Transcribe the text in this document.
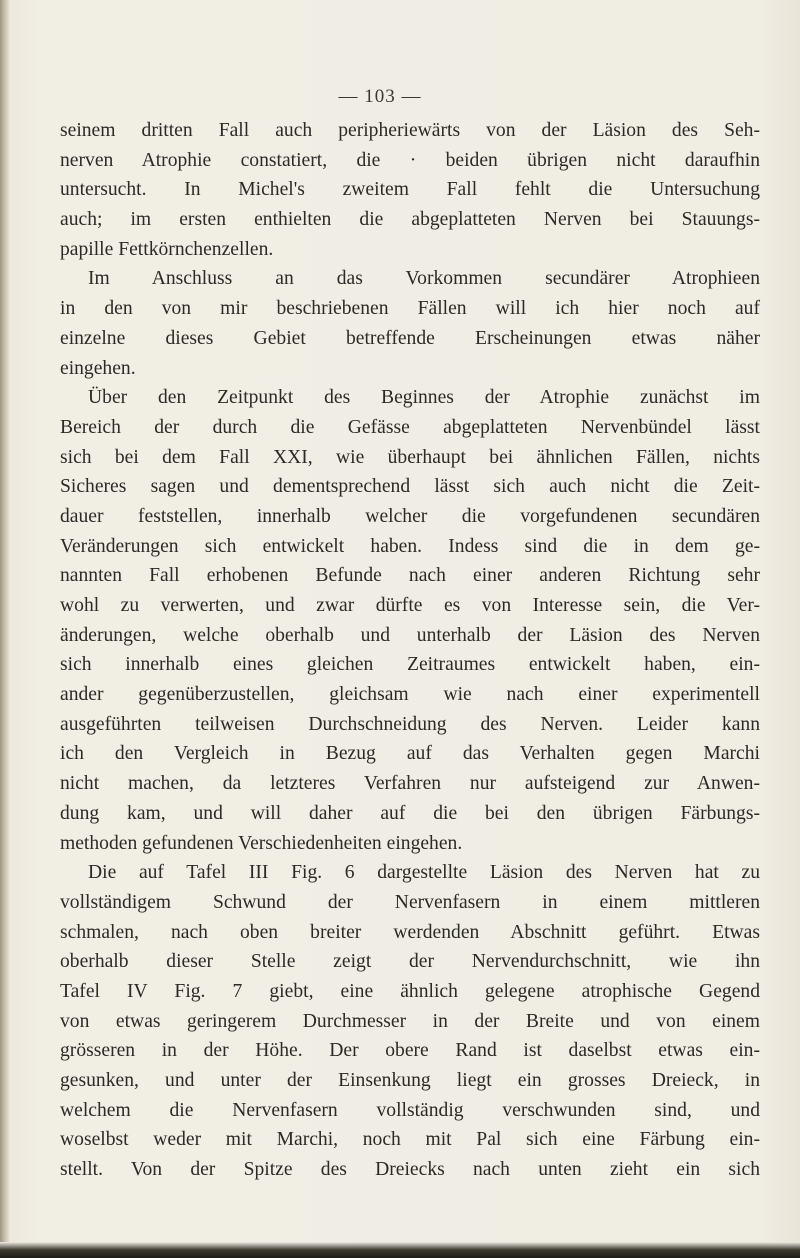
— 103 —
seinem dritten Fall auch peripheriewärts von der Läsion des Seh-
nerven Atrophie constatiert, die · beiden übrigen nicht daraufhin
untersucht. In Michel's zweitem Fall fehlt die Untersuchung
auch; im ersten enthielten die abgeplatteten Nerven bei Stauungs-
papille Fettkörnchenzellen.
Im Anschluss an das Vorkommen secundärer Atrophieen
in den von mir beschriebenen Fällen will ich hier noch auf
einzelne dieses Gebiet betreffende Erscheinungen etwas näher
eingehen.
Über den Zeitpunkt des Beginnes der Atrophie zunächst im
Bereich der durch die Gefässe abgeplatteten Nervenbündel lässt
sich bei dem Fall XXI, wie überhaupt bei ähnlichen Fällen, nichts
Sicheres sagen und dementsprechend lässt sich auch nicht die Zeit-
dauer feststellen, innerhalb welcher die vorgefundenen secundären
Veränderungen sich entwickelt haben. Indess sind die in dem ge-
nannten Fall erhobenen Befunde nach einer anderen Richtung sehr
wohl zu verwerten, und zwar dürfte es von Interesse sein, die Ver-
änderungen, welche oberhalb und unterhalb der Läsion des Nerven
sich innerhalb eines gleichen Zeitraumes entwickelt haben, ein-
ander gegenüberzustellen, gleichsam wie nach einer experimentell
ausgeführten teilweisen Durchschneidung des Nerven. Leider kann
ich den Vergleich in Bezug auf das Verhalten gegen Marchi
nicht machen, da letzteres Verfahren nur aufsteigend zur Anwen-
dung kam, und will daher auf die bei den übrigen Färbungs-
methoden gefundenen Verschiedenheiten eingehen.
Die auf Tafel III Fig. 6 dargestellte Läsion des Nerven hat zu
vollständigem Schwund der Nervenfasern in einem mittleren
schmalen, nach oben breiter werdenden Abschnitt geführt. Etwas
oberhalb dieser Stelle zeigt der Nervendurchschnitt, wie ihn
Tafel IV Fig. 7 giebt, eine ähnlich gelegene atrophische Gegend
von etwas geringerem Durchmesser in der Breite und von einem
grösseren in der Höhe. Der obere Rand ist daselbst etwas ein-
gesunken, und unter der Einsenkung liegt ein grosses Dreieck, in
welchem die Nervenfasern vollständig verschwunden sind, und
woselbst weder mit Marchi, noch mit Pal sich eine Färbung ein-
stellt. Von der Spitze des Dreiecks nach unten zieht ein sich
